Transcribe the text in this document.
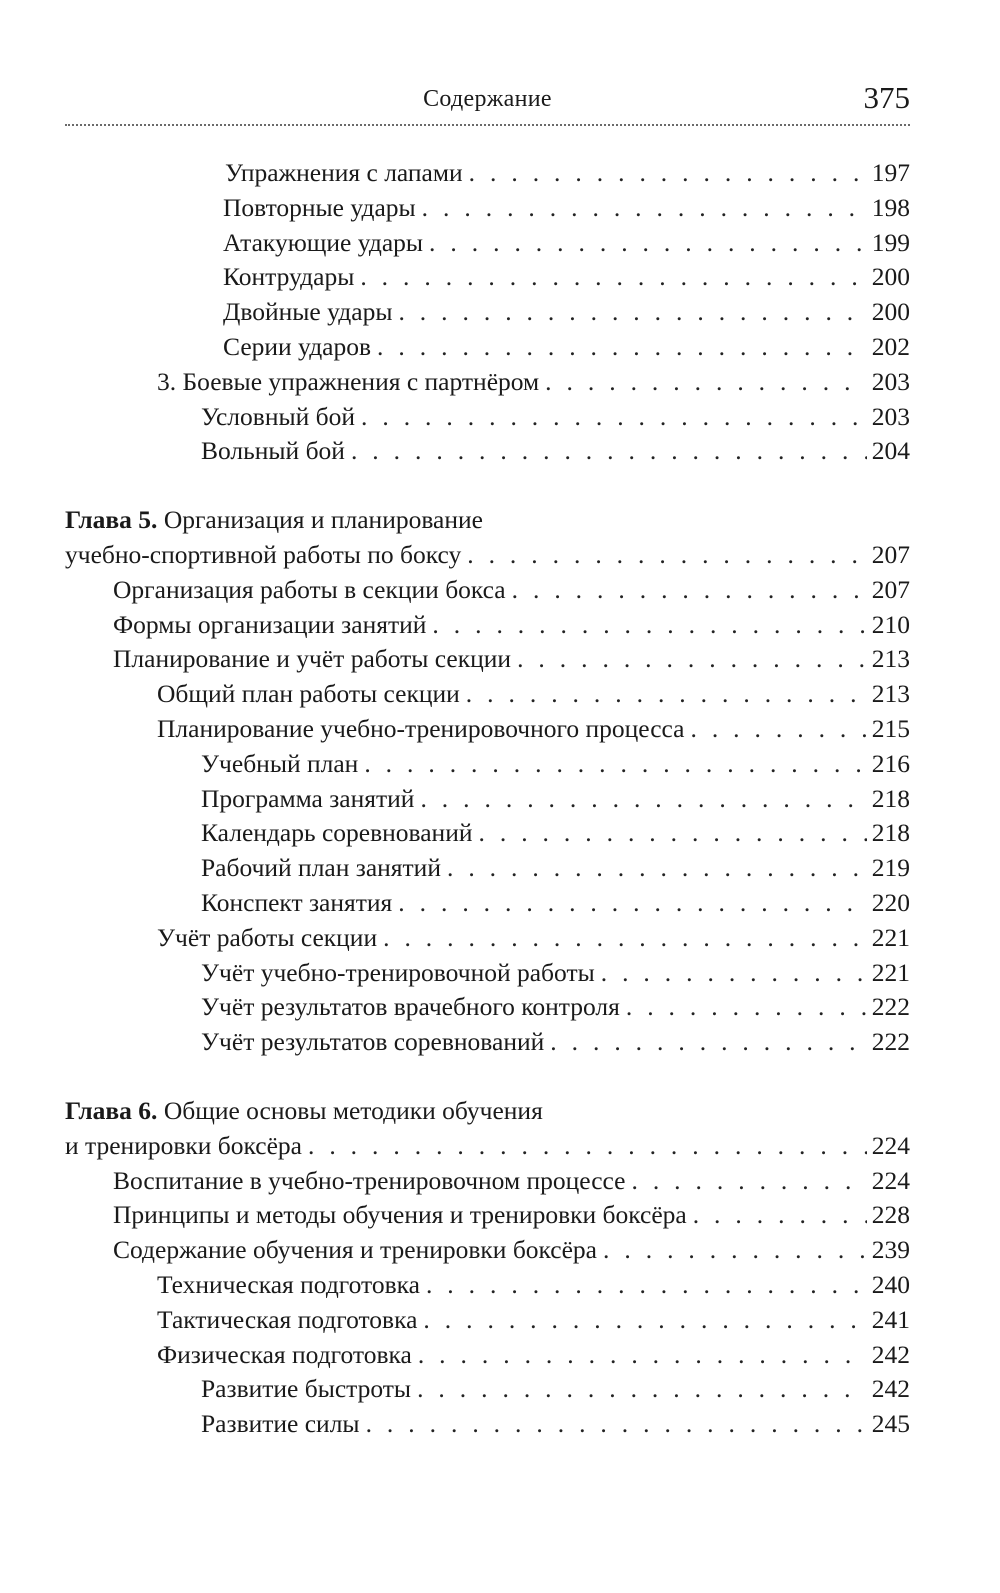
Содержание	375
Упражнения с лапами . . .	197
Повторные удары . . .	198
Атакующие удары . . .	199
Контрудары . . .	200
Двойные удары . . .	200
Серии ударов . . .	202
3. Боевые упражнения с партнёром . . .	203
Условный бой . . .	203
Вольный бой . . .	204
Глава 5. Организация и планирование
учебно-спортивной работы по боксу . . .	207
Организация работы в секции бокса . . .	207
Формы организации занятий . . .	210
Планирование и учёт работы секции . . .	213
Общий план работы секции . . .	213
Планирование учебно-тренировочного процесса . . .	215
Учебный план . . .	216
Программа занятий . . .	218
Календарь соревнований . . .	218
Рабочий план занятий . . .	219
Конспект занятия . . .	220
Учёт работы секции . . .	221
Учёт учебно-тренировочной работы . . .	221
Учёт результатов врачебного контроля . . .	222
Учёт результатов соревнований . . .	222
Глава 6. Общие основы методики обучения
и тренировки боксёра . . .	224
Воспитание в учебно-тренировочном процессе . . .	224
Принципы и методы обучения и тренировки боксёра . . .	228
Содержание обучения и тренировки боксёра . . .	239
Техническая подготовка . . .	240
Тактическая подготовка . . .	241
Физическая подготовка . . .	242
Развитие быстроты . . .	242
Развитие силы . . .	245
